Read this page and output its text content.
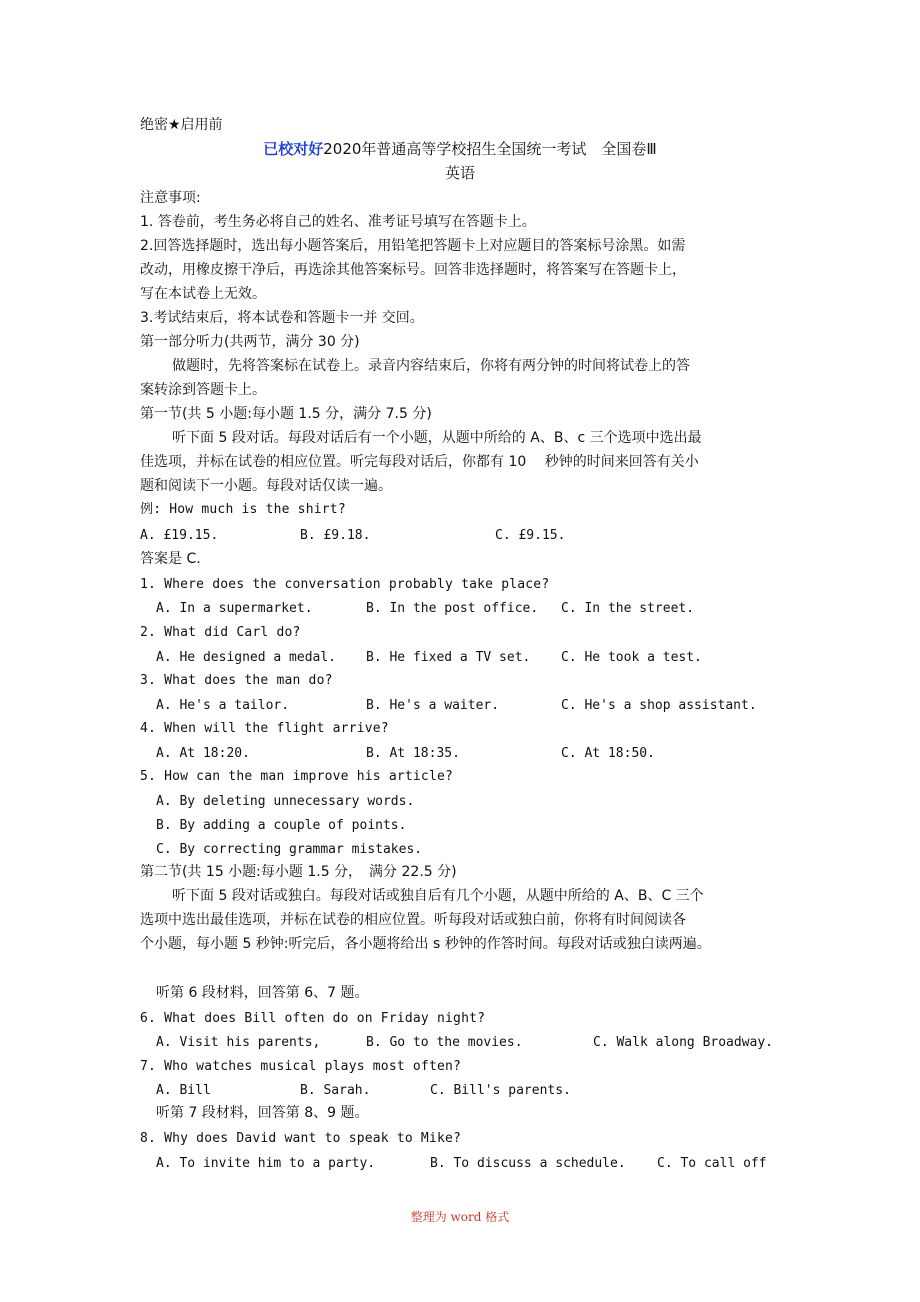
绝密★启用前
已校对好2020年普通高等学校招生全国统一考试　全国卷Ⅲ
英语
注意事项:
1. 答卷前，考生务必将自己的姓名、准考证号填写在答题卡上。
2.回答选择题时，选出每小题答案后，用铅笔把答题卡上对应题目的答案标号涂黑。如需
改动，用橡皮擦干净后，再选涂其他答案标号。回答非选择题时，将答案写在答题卡上，
写在本试卷上无效。
3.考试结束后，将本试卷和答题卡一并 交回。
第一部分听力(共两节，满分 30 分)
做题时，先将答案标在试卷上。录音内容结束后，你将有两分钟的时间将试卷上的答
案转涂到答题卡上。
第一节(共 5 小题:每小题 1.5 分，满分 7.5 分)
听下面 5 段对话。每段对话后有一个小题，从题中所给的 A、B、c 三个选项中选出最
佳选项，并标在试卷的相应位置。听完每段对话后，你都有 10　 秒钟的时间来回答有关小
题和阅读下一小题。每段对话仅读一遍。
例: How much is the shirt?
A. £19.15.	B. £9.18.	C. £9.15.
答案是 C.
1. Where does the conversation probably take place?
A. In a supermarket.	B. In the post office. C. In the street.
2. What did Carl do?
A. He designed a medal. B. He fixed a TV set. C. He took a test.
3. What does the man do?
A. He's a tailor.	B. He's a waiter.	C. He's a shop assistant.
4. When will the flight arrive?
A. At 18:20.	B. At 18:35.	C. At 18:50.
5. How can the man improve his article?
A. By deleting unnecessary words.
B. By adding a couple of points.
C. By correcting grammar mistakes.
第二节(共 15 小题:每小题 1.5 分，　满分 22.5 分)
听下面 5 段对话或独白。每段对话或独自后有几个小题，从题中所给的 A、B、C 三个
选项中选出最佳选项，并标在试卷的相应位置。听每段对话或独白前，你将有时间阅读各
个小题，每小题 5 秒钟:听完后，各小题将给出 s 秒钟的作答时间。每段对话或独白读两遍。
听第 6 段材料，回答第 6、7 题。
6. What does Bill often do on Friday night?
A. Visit his parents,	B. Go to the movies.	C. Walk along Broadway.
7. Who watches musical plays most often?
A. Bill	B. Sarah.	C. Bill's parents.
听第 7 段材料，回答第 8、9 题。
8. Why does David want to speak to Mike?
A. To invite him to a party.	B. To discuss a schedule. C. To call off
整理为 word 格式
